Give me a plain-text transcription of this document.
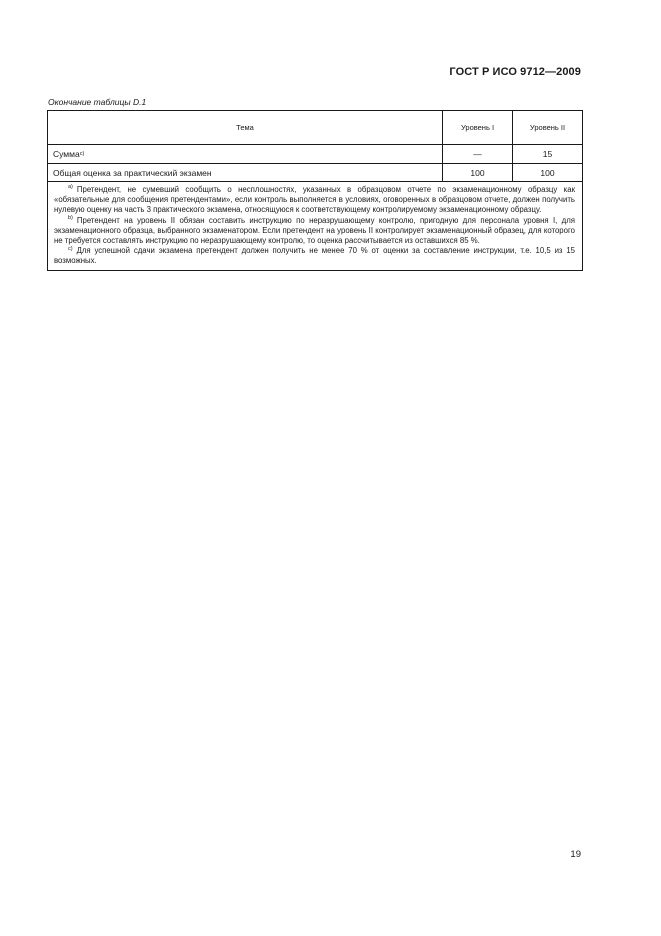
ГОСТ Р ИСО 9712—2009
Окончание таблицы D.1
Тема	Уровень I	Уровень II
Сумма с)	—	15
Общая оценка за практический экзамен	100	100

$^{а)}$ Претендент, не сумевший сообщить о несплошностях, указанных в образцовом отчете по экзаменационному образцу как «обязательные для сообщения претендентами», если контроль выполняется в условиях, оговоренных в образцовом отчете, должен получить нулевую оценку на часть 3 практического экзамена, относящуюся к соответствующему контролируемому экзаменационному образцу.

$^{b)}$ Претендент на уровень II обязан составить инструкцию по неразрушающему контролю, пригодную для персонала уровня I, для экзаменационного образца, выбранного экзаменатором. Если претендент на уровень II контролирует экзаменационный образец, для которого не требуется составлять инструкцию по неразрушающему контролю, то оценка рассчитывается из оставшихся 85 %.

$^{с)}$ Для успешной сдачи экзамена претендент должен получить не менее 70 % от оценки за составление инструкции, т.е. 10,5 из 15 возможных.

19
